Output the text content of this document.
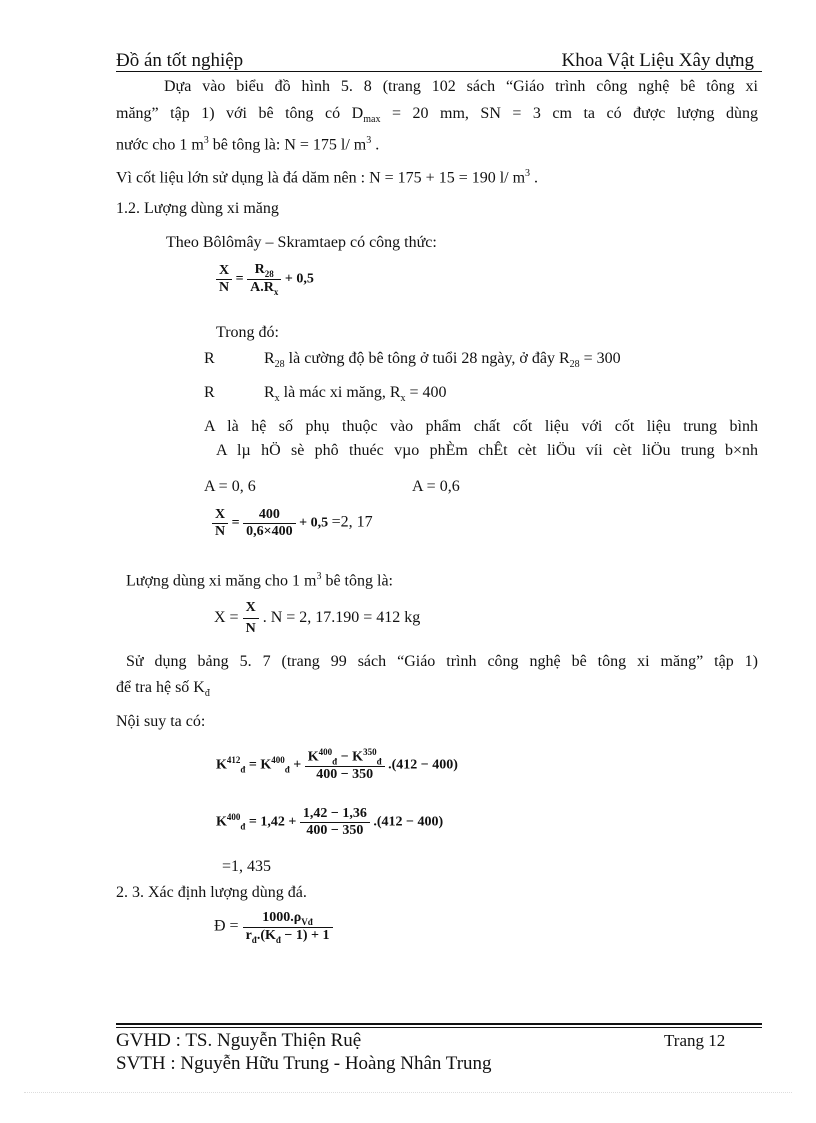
Đồ án tốt nghiệp	Khoa Vật Liệu Xây dựng
Dựa vào biểu đồ hình 5. 8 (trang 102 sách “Giáo trình công nghệ bê tông xi
măng” tập 1) với bê tông có $D_{max} = 20$ mm, SN = 3 cm ta có được lượng dùng
nước cho 1 $m^3$ bê tông là: N = 175 l/ $m^3$ .
Vì cốt liệu lớn sử dụng là đá dăm nên : N = 175 + 15 = 190 l/ $m^3$ .
1.2. Lượng dùng xi măng
Theo Bôlômây – Skramtaep có công thức:
$\frac{X}{N} = \frac{R_{28}}{A.R_x} + 0,5$
Trong đó:
R	$R_{28}$ là cường độ bê tông ở tuổi 28 ngày, ở đây $R_{28} = 300$
R	$R_x$ là mác xi măng, $R_x = 400$
A là hệ số phụ thuộc vào phẩm chất cốt liệu với cốt liệu trung bình
A lµ hÖ sè phô thuéc vµo phÈm chÊt cèt liÖu víi cèt liÖu trung b×nh
A = 0, 6	A = 0,6
$\frac{X}{N} = \frac{400}{0,6\times 400} + 0,5 =2$, 17
Lượng dùng xi măng cho 1 $m^3$ bê tông là:
$X = \frac{X}{N}$ . N = 2, 17.190 = 412 kg
Sử dụng bảng 5. 7 (trang 99 sách “Giáo trình công nghệ bê tông xi măng” tập 1)
để tra hệ số $K_đ$
Nội suy ta có:
$K^{412}_đ = K^{400}_đ + \frac{K^{400}_đ - K^{350}_đ}{400 - 350} .(412 - 400)$
$K^{400}_đ = 1,42 + \frac{1,42 - 1,36}{400 - 350} .(412 - 400)$
=1, 435
2. 3. Xác định lượng dùng đá.
Đ = $\frac{1000.\rho_{Vđ}}{r_đ.(K_đ - 1) + 1}$
GVHD : TS. Nguyễn Thiện Ruệ	Trang 12
SVTH : Nguyễn Hữu Trung - Hoàng Nhân Trung
